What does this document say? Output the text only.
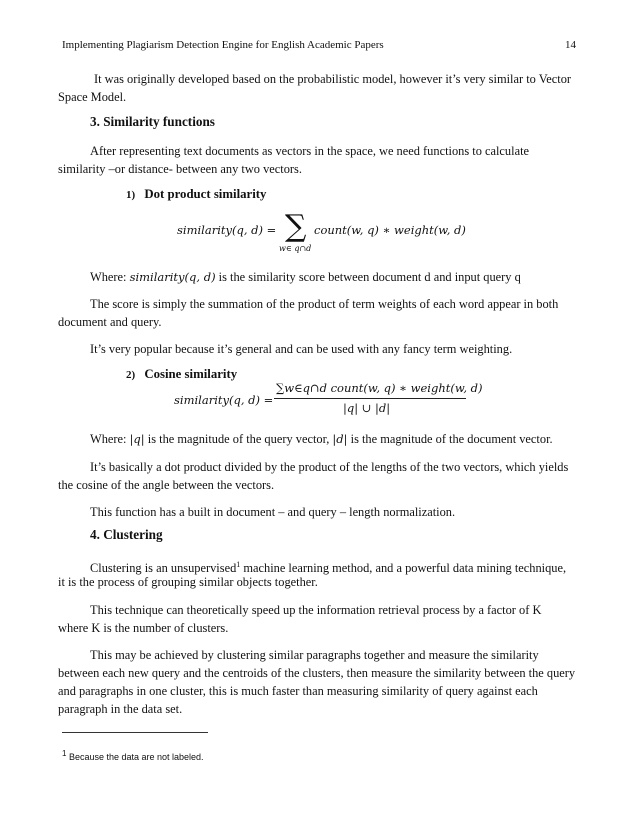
Implementing Plagiarism Detection Engine for English Academic Papers	14
It was originally developed based on the probabilistic model, however it’s very similar to Vector
Space Model.
3. Similarity functions
After representing text documents as vectors in the space, we need functions to calculate
similarity –or distance- between any two vectors.
1) Dot product similarity
similarity(q, d) = ∑
w∈ q∩d
count(w, q) ∗ weight(w, d)
Where: similarity(q, d) is the similarity score between document d and input query q
The score is simply the summation of the product of term weights of each word appear in both
document and query.
It’s very popular because it’s general and can be used with any fancy term weighting.
2) Cosine similarity
similarity(q, d) =
∑w∈q∩d count(w, q) ∗ weight(w, d)
|q| ∪ |d|
Where: |q| is the magnitude of the query vector, |d| is the magnitude of the document vector.
It’s basically a dot product divided by the product of the lengths of the two vectors, which yields
the cosine of the angle between the vectors.
This function has a built in document – and query – length normalization.
4. Clustering
Clustering is an unsupervised$^1$ machine learning method, and a powerful data mining technique,
it is the process of grouping similar objects together.
This technique can theoretically speed up the information retrieval process by a factor of K
where K is the number of clusters.
This may be achieved by clustering similar paragraphs together and measure the similarity
between each new query and the centroids of the clusters, then measure the similarity between the query
and paragraphs in one cluster, this is much faster than measuring similarity of query against each
paragraph in the data set.
$^1$ Because the data are not labeled.
